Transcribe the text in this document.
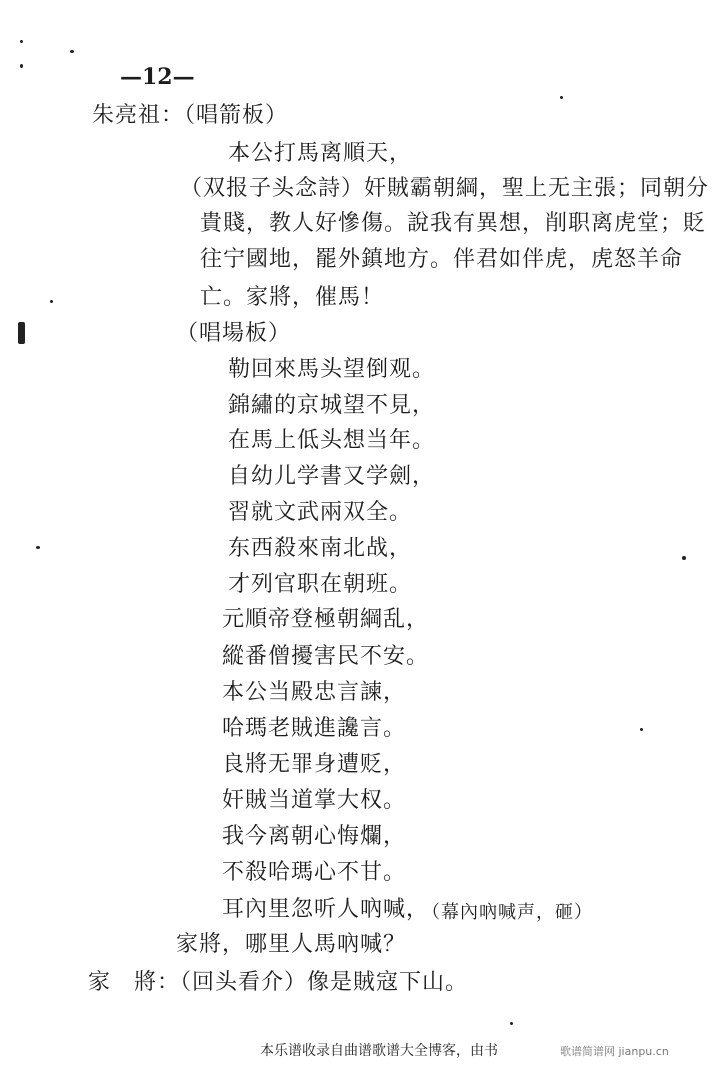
—12—
朱亮祖：（唱箭板）
本公打馬离順天，
（双报子头念詩）奸賊霸朝綱，聖上无主張；同朝分
貴賤，教人好慘傷。說我有異想，削职离虎堂；貶
往宁國地，罷外鎮地方。伴君如伴虎，虎怒羊命
亡。家將，催馬！
（唱場板）
勒回來馬头望倒观。
錦繡的京城望不見，
在馬上低头想当年。
自幼儿学書又学劍，
習就文武兩双全。
东西殺來南北战，
才列官职在朝班。
元順帝登極朝綱乱，
縱番僧擾害民不安。
本公当殿忠言諫，
哈瑪老賊進讒言。
良將无罪身遭贬，
奸賊当道掌大权。
我今离朝心悔爛，
不殺哈瑪心不甘。
耳內里忽听人吶喊，
（幕內吶喊声，砸）
家將，哪里人馬吶喊？
家　將：（回头看介）像是賊寇下山。
本乐谱收录自曲谱歌谱大全博客，由书	歌谱简谱网 jianpu.cn
